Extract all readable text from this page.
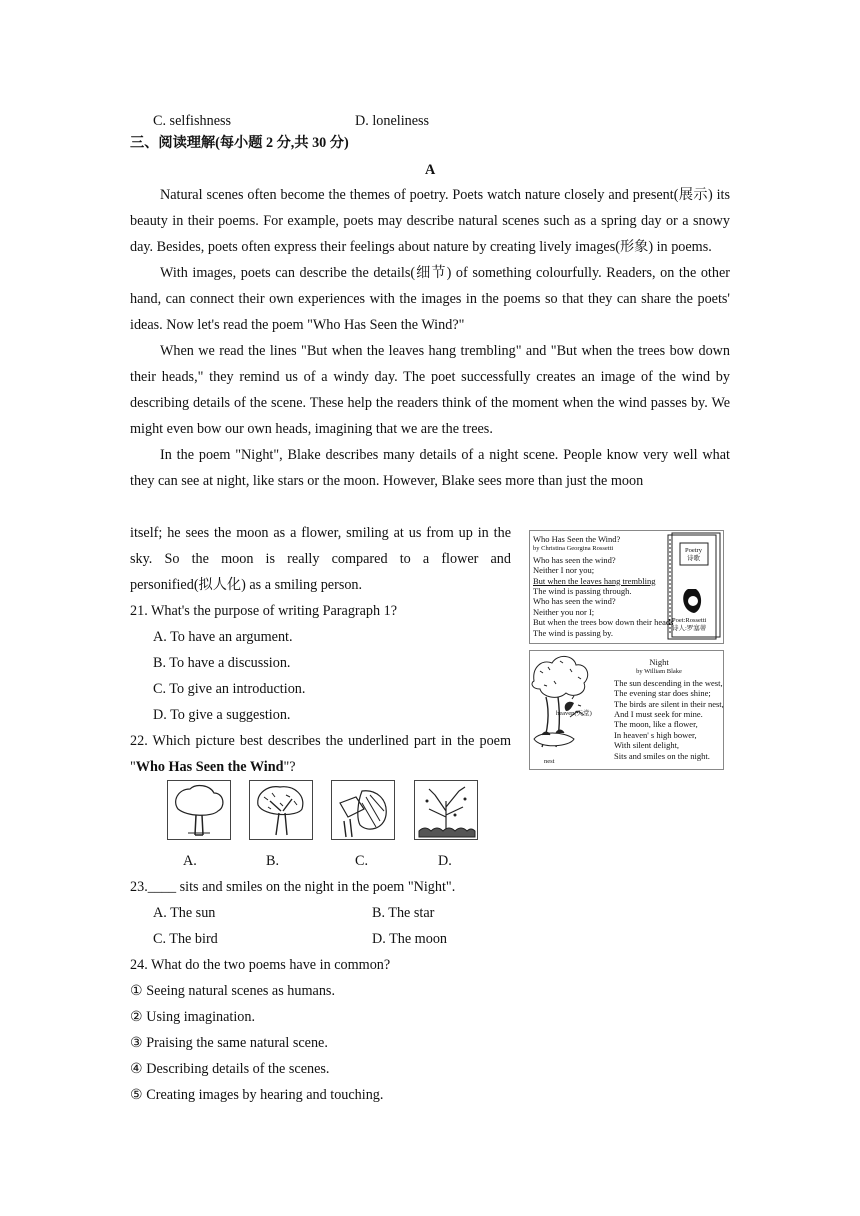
C. selfishness	D. loneliness
三、阅读理解(每小题 2 分,共 30 分)
A

Natural scenes often become the themes of poetry. Poets watch nature closely and present(展示) its beauty in their poems. For example, poets may describe natural scenes such as a spring day or a snowy day. Besides, poets often express their feelings about nature by creating lively images(形象) in poems.

With images, poets can describe the details(细节) of something colourfully. Readers, on the other hand, can connect their own experiences with the images in the poems so that they can share the poets' ideas. Now let's read the poem "Who Has Seen the Wind?"

When we read the lines "But when the leaves hang trembling" and "But when the trees bow down their heads," they remind us of a windy day. The poet successfully creates an image of the wind by describing details of the scene. These help the readers think of the moment when the wind passes by. We might even bow our own heads, imagining that we are the trees.

In the poem "Night", Blake describes many details of a night scene. People know very well what they can see at night, like stars or the moon. However, Blake sees more than just the moon

itself; he sees the moon as a flower, smiling at us from up in the sky. So the moon is really compared to a flower and personified(拟人化) as a smiling person.

21. What's the purpose of writing Paragraph 1?

A. To have an argument.

B. To have a discussion.

C. To give an introduction.

D. To give a suggestion.

22. Which picture best describes the underlined part in the poem "Who Has Seen the Wind"?

A.	B.	C.	D.
23.____ sits and smiles on the night in the poem "Night".
A. The sun	B. The star
C. The bird	D. The moon
24. What do the two poems have in common?
① Seeing natural scenes as humans.
② Using imagination.
③ Praising the same natural scene.
④ Describing details of the scenes.
⑤ Creating images by hearing and touching.
Who Has Seen the Wind?
by Christina Georgina Rossetti
Who has seen the wind?
Neither I nor you;
But when the leaves hang trembling
The wind is passing through.
Who has seen the wind?
Neither you nor I;
But when the trees bow down their heads
The wind is passing by.
Poetry
诗歌
Poet:Rossetti
诗人:罗塞蒂
Night
by William Blake
The sun descending in the west,
The evening star does shine;
The birds are silent in their nest,
And I must seek for mine.
The moon, like a flower,
In heaven' s high bower,
With silent delight,
Sits and smiles on the night.
heaven(天堂)
nest
